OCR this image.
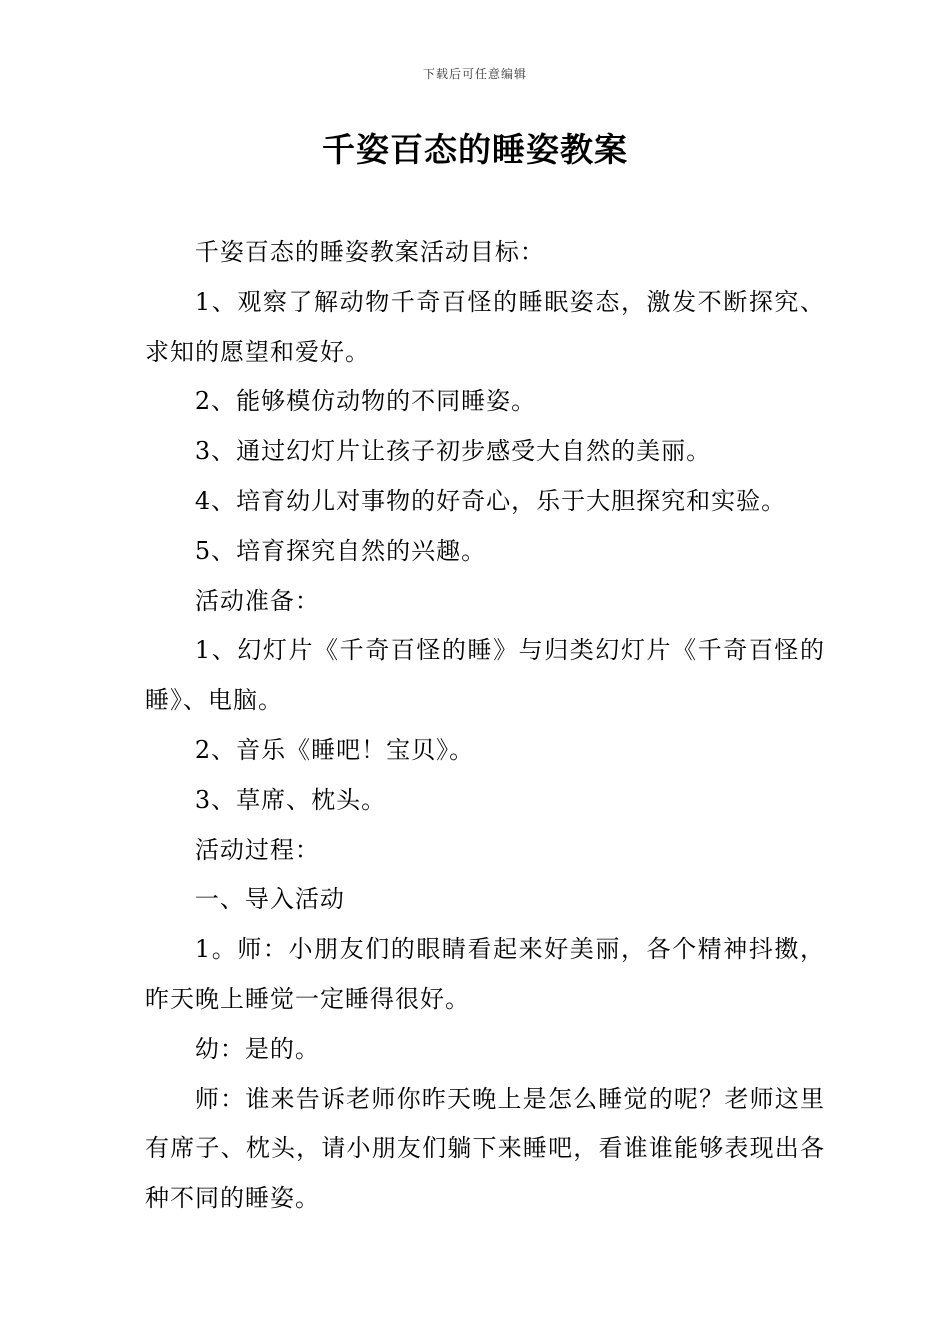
下载后可任意编辑
千姿百态的睡姿教案

千姿百态的睡姿教案活动目标：

1、观察了解动物千奇百怪的睡眠姿态，激发不断探究、求知的愿望和爱好。

2、能够模仿动物的不同睡姿。

3、通过幻灯片让孩子初步感受大自然的美丽。

4、培育幼儿对事物的好奇心，乐于大胆探究和实验。

5、培育探究自然的兴趣。

活动准备：

1、幻灯片《千奇百怪的睡》与归类幻灯片《千奇百怪的睡》、电脑。

2、音乐《睡吧！宝贝》。

3、草席、枕头。

活动过程：

一、导入活动

1。师：小朋友们的眼睛看起来好美丽，各个精神抖擞，昨天晚上睡觉一定睡得很好。

幼：是的。

师：谁来告诉老师你昨天晚上是怎么睡觉的呢？老师这里有席子、枕头，请小朋友们躺下来睡吧，看谁谁能够表现出各种不同的睡姿。
